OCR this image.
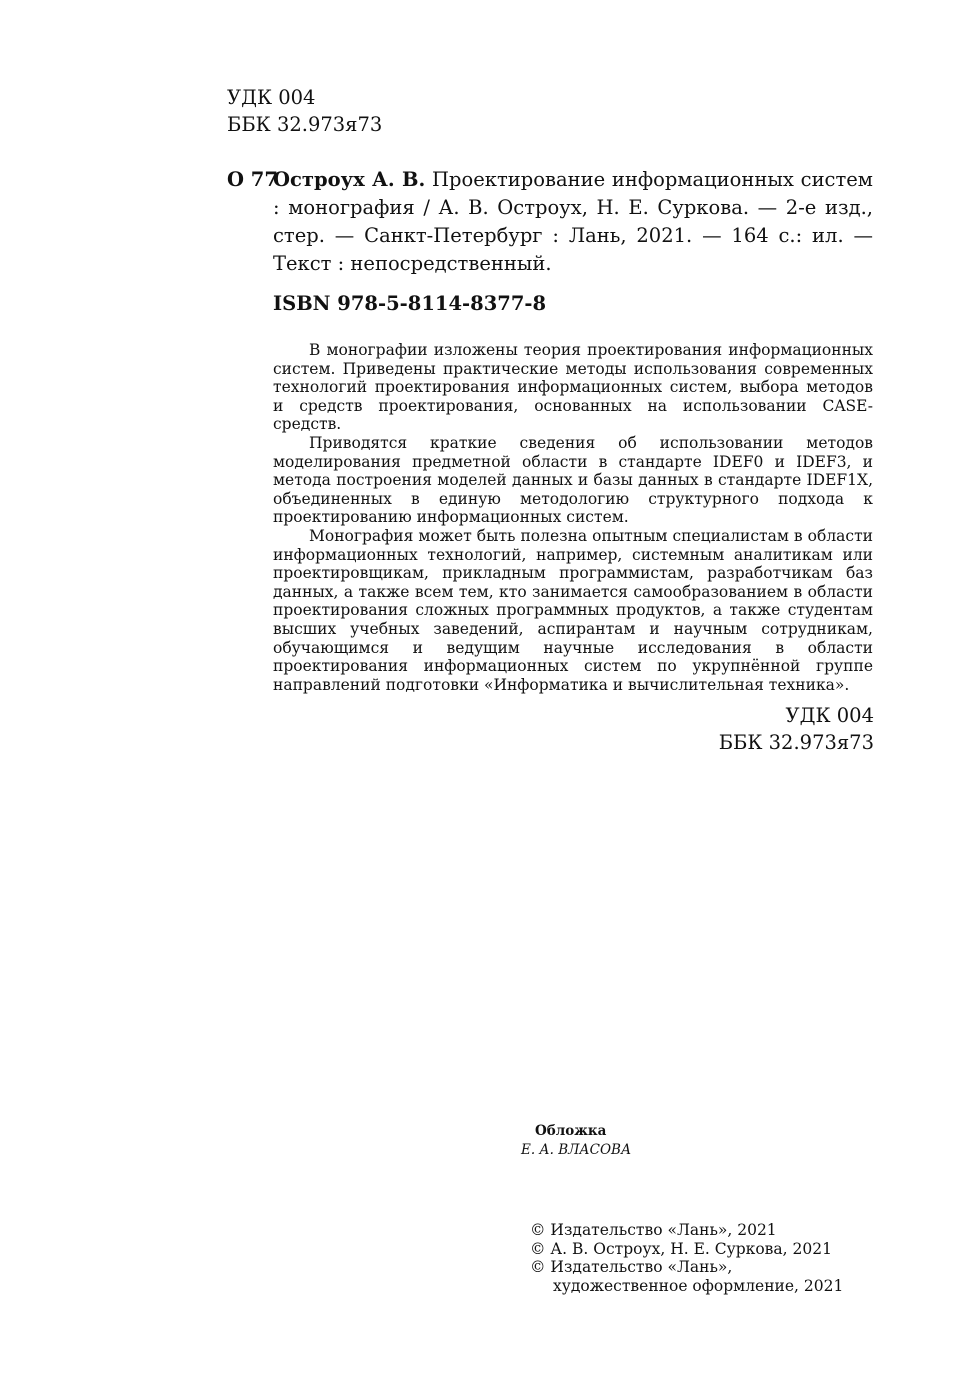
УДК 004
ББК 32.973я73
О 77
Остроух А. В. Проектирование информационных систем : монография / А. В. Остроух, Н. Е. Суркова. — 2-е изд., стер. — Санкт-Петербург : Лань, 2021. — 164 с.: ил. — Текст : непосредственный.
ISBN 978-5-8114-8377-8

В монографии изложены теория проектирования информационных систем. Приведены практические методы использования современных технологий проектирования информационных систем, выбора методов и средств проектирования, основанных на использовании CASE-средств.

Приводятся краткие сведения об использовании методов моделирования предметной области в стандарте IDEF0 и IDEF3, и метода построения моделей данных и базы данных в стандарте IDEF1X, объединенных в единую методологию структурного подхода к проектированию информационных систем.

Монография может быть полезна опытным специалистам в области информационных технологий, например, системным аналитикам или проектировщикам, прикладным программистам, разработчикам баз данных, а также всем тем, кто занимается самообразованием в области проектирования сложных программных продуктов, а также студентам высших учебных заведений, аспирантам и научным сотрудникам, обучающимся и ведущим научные исследования в области проектирования информационных систем по укрупнённой группе направлений подготовки «Информатика и вычислительная техника».

УДК 004
ББК 32.973я73
Обложка
Е. А. ВЛАСОВА
© Издательство «Лань», 2021
© А. В. Остроух, Н. Е. Суркова, 2021
© Издательство «Лань»,
художественное оформление, 2021
